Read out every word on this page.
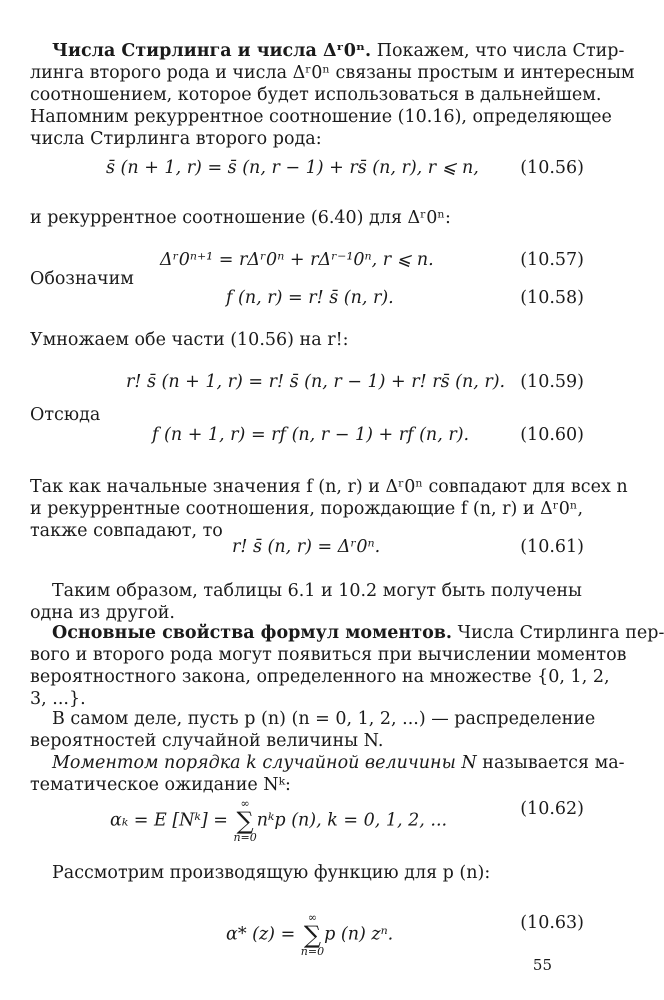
Числа Стирлинга и числа Δʳ0ⁿ. Покажем, что числа Стир-
линга второго рода и числа Δʳ0ⁿ связаны простым и интересным
соотношением, которое будет использоваться в дальнейшем.
Напомним рекуррентное соотношение (10.16), определяющее
числа Стирлинга второго рода:
s̄ (n + 1, r) = s̄ (n, r − 1) + rs̄ (n, r), r ⩽ n, (10.56)
и рекуррентное соотношение (6.40) для Δʳ0ⁿ:
Δʳ0ⁿ⁺¹ = rΔʳ0ⁿ + rΔʳ⁻¹0ⁿ, r ⩽ n.	(10.57)
Обозначим
f (n, r) = r! s̄ (n, r).	(10.58)
Умножаем обе части (10.56) на r!:
r! s̄ (n + 1, r) = r! s̄ (n, r − 1) + r! rs̄ (n, r). (10.59)
Отсюда
f (n + 1, r) = rf (n, r − 1) + rf (n, r).	(10.60)
Так как начальные значения f (n, r) и Δʳ0ⁿ совпадают для всех n
и рекуррентные соотношения, порождающие f (n, r) и Δʳ0ⁿ,
также совпадают, то
r! s̄ (n, r) = Δʳ0ⁿ.	(10.61)
Таким образом, таблицы 6.1 и 10.2 могут быть получены
одна из другой.
Основные свойства формул моментов. Числа Стирлинга пер-
вого и второго рода могут появиться при вычислении моментов
вероятностного закона, определенного на множестве {0, 1, 2,
3, ...}.
В самом деле, пусть p (n) (n = 0, 1, 2, ...) — распределение
вероятностей случайной величины N.
Моментом порядка k случайной величины N называется ма-
тематическое ожидание Nᵏ:
αₖ = E [Nᵏ] =
∞
∑
n=0
nᵏp (n), k = 0, 1, 2, ...
(10.62)
Рассмотрим производящую функцию для p (n):
α* (z) =
∞
∑
n=0
p (n) zⁿ.
(10.63)
55
